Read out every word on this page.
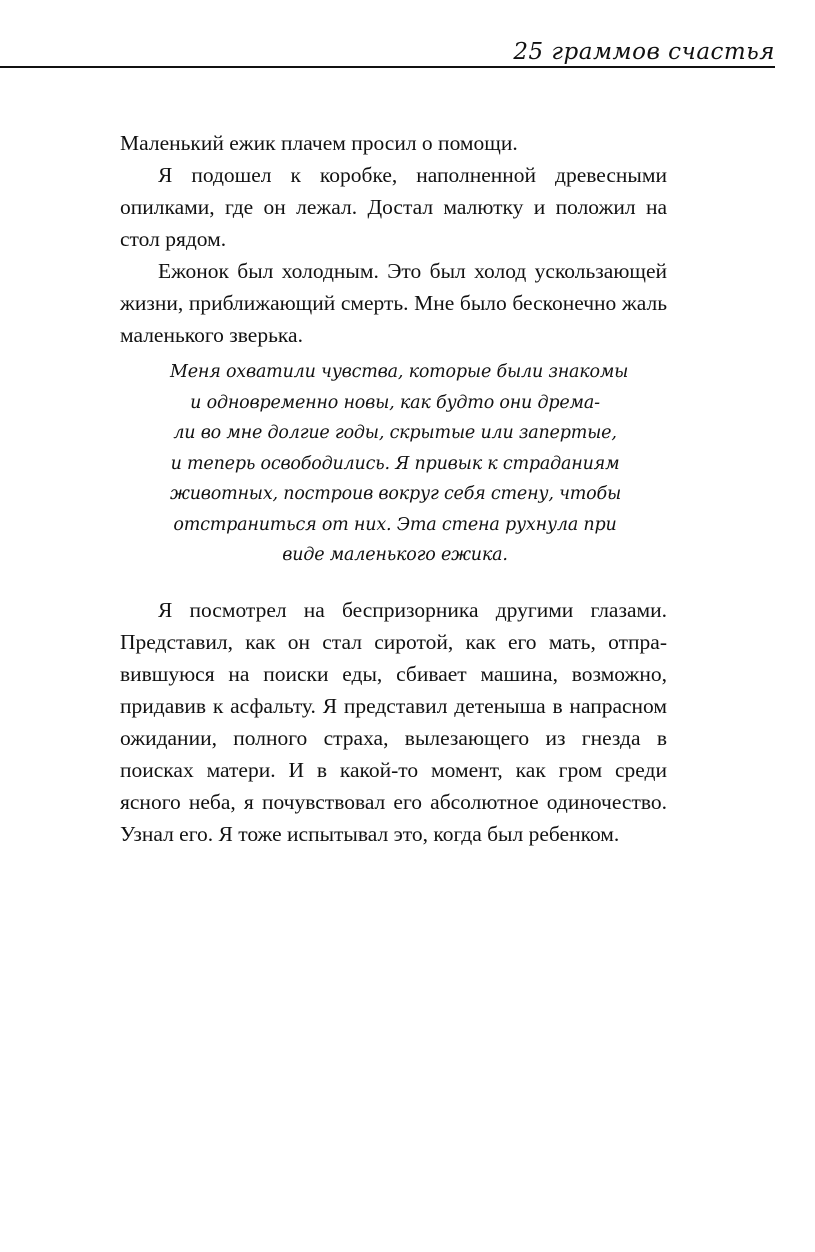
25 граммов счастья

Маленький ежик плачем просил о помощи.

Я подошел к коробке, наполненной древесными опилками, где он лежал. Достал малютку и положил на стол рядом.

Ежонок был холодным. Это был холод ускользающей жизни, приближающий смерть. Мне было бесконечно жаль маленького зверька.

Меня охватили чувства, которые были знакомы
и одновременно новы, как будто они дрема-
ли во мне долгие годы, скрытые или запертые,
и теперь освободились. Я привык к страданиям
животных, построив вокруг себя стену, чтобы
отстраниться от них. Эта стена рухнула при
виде маленького ежика.

Я посмотрел на беспризорника другими глазами. Представил, как он стал сиротой, как его мать, отправившуюся на поиски еды, сбивает машина, возможно, придавив к асфальту. Я представил детеныша в напрасном ожидании, полного страха, вылезающего из гнезда в поисках матери. И в какой-то момент, как гром среди ясного неба, я почувствовал его абсолютное одиночество. Узнал его. Я тоже испытывал это, когда был ребенком.
